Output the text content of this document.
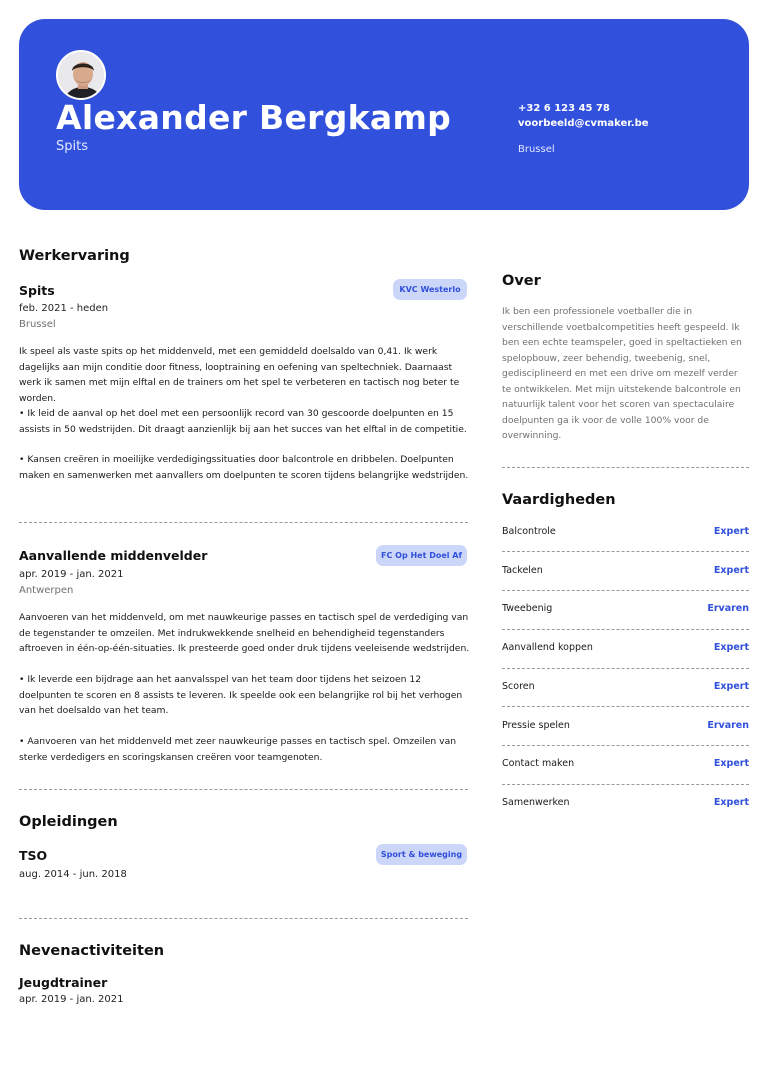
Alexander Bergkamp
Spits
+32 6 123 45 78
voorbeeld@cvmaker.be
Brussel
Werkervaring
Spits	KVC Westerlo
feb. 2021 - heden
Brussel
Ik speel als vaste spits op het middenveld, met een gemiddeld doelsaldo van 0,41. Ik werk dagelijks aan mijn conditie door fitness, looptraining en oefening van speltechniek. Daarnaast werk ik samen met mijn elftal en de trainers om het spel te verbeteren en tactisch nog beter te worden.
• Ik leid de aanval op het doel met een persoonlijk record van 30 gescoorde doelpunten en 15 assists in 50 wedstrijden. Dit draagt aanzienlijk bij aan het succes van het elftal in de competitie.
• Kansen creëren in moeilijke verdedigingssituaties door balcontrole en dribbelen. Doelpunten maken en samenwerken met aanvallers om doelpunten te scoren tijdens belangrijke wedstrijden.
Aanvallende middenvelder	FC Op Het Doel Af
apr. 2019 - jan. 2021
Antwerpen
Aanvoeren van het middenveld, om met nauwkeurige passes en tactisch spel de verdediging van de tegenstander te omzeilen. Met indrukwekkende snelheid en behendigheid tegenstanders aftroeven in één-op-één-situaties. Ik presteerde goed onder druk tijdens veeleisende wedstrijden.
• Ik leverde een bijdrage aan het aanvalsspel van het team door tijdens het seizoen 12 doelpunten te scoren en 8 assists te leveren. Ik speelde ook een belangrijke rol bij het verhogen van het doelsaldo van het team.
• Aanvoeren van het middenveld met zeer nauwkeurige passes en tactisch spel. Omzeilen van sterke verdedigers en scoringskansen creëren voor teamgenoten.
Opleidingen
TSO	Sport & beweging
aug. 2014 - jun. 2018
Nevenactiviteiten
Jeugdtrainer
apr. 2019 - jan. 2021
Over
Ik ben een professionele voetballer die in verschillende voetbalcompetities heeft gespeeld. Ik ben een echte teamspeler, goed in speltactieken en spelopbouw, zeer behendig, tweebenig, snel, gedisciplineerd en met een drive om mezelf verder te ontwikkelen. Met mijn uitstekende balcontrole en natuurlijk talent voor het scoren van spectaculaire doelpunten ga ik voor de volle 100% voor de overwinning.
Vaardigheden
Balcontrole	Expert
Tackelen	Expert
Tweebenig	Ervaren
Aanvallend koppen	Expert
Scoren	Expert
Pressie spelen	Ervaren
Contact maken	Expert
Samenwerken	Expert
